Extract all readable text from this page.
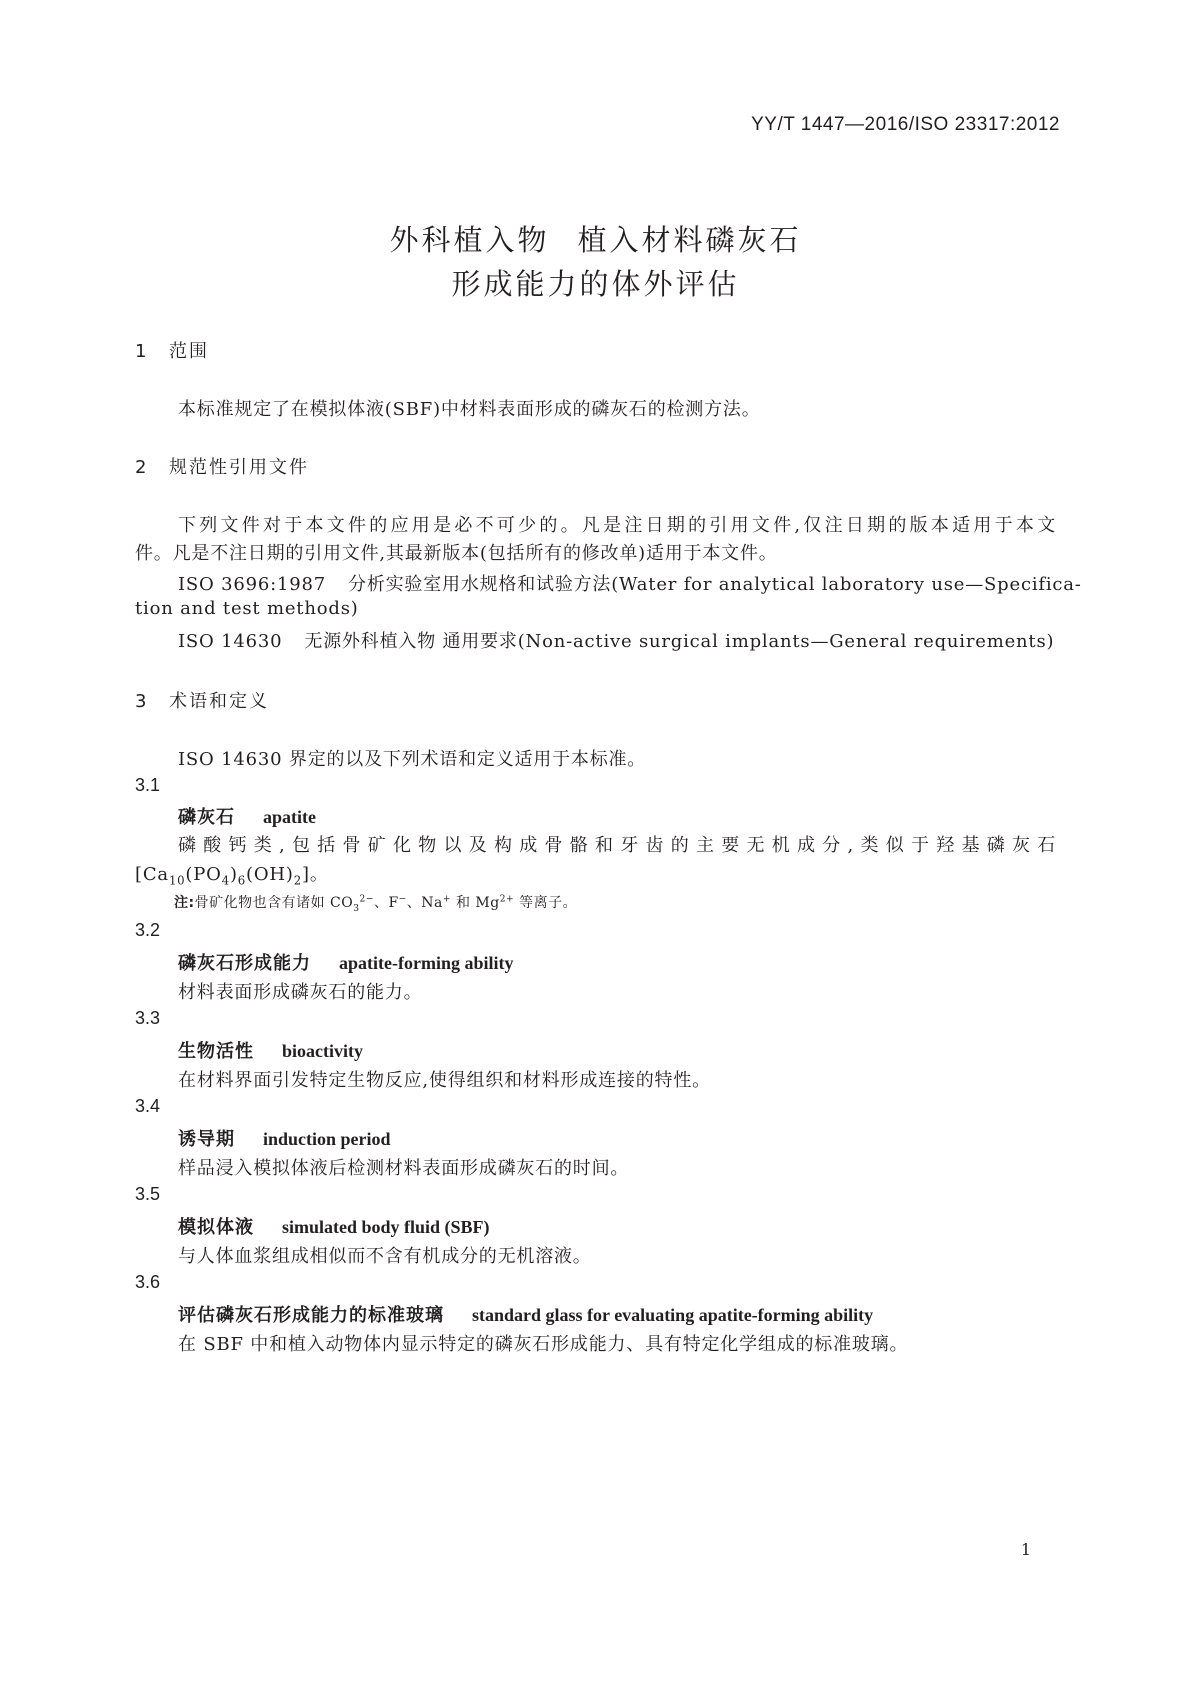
YY/T 1447—2016/ISO 23317:2012
外科植入物 植入材料磷灰石
形成能力的体外评估
1 范围
本标准规定了在模拟体液(SBF)中材料表面形成的磷灰石的检测方法。
2 规范性引用文件
下列文件对于本文件的应用是必不可少的。凡是注日期的引用文件,仅注日期的版本适用于本文
件。凡是不注日期的引用文件,其最新版本(包括所有的修改单)适用于本文件。
ISO 3696:1987 分析实验室用水规格和试验方法(Water for analytical laboratory use—Specifica-
tion and test methods)
ISO 14630 无源外科植入物 通用要求(Non-active surgical implants—General requirements)
3 术语和定义
ISO 14630 界定的以及下列术语和定义适用于本标准。
3.1
磷灰石 apatite
磷酸钙类,包括骨矿化物以及构成骨骼和牙齿的主要无机成分,类似于羟基磷灰石
$[Ca_{10}(PO_4)_6(OH)_2]$。
注:骨矿化物也含有诸如 $CO_3^{2-}$、F−、Na+ 和 $Mg^{2+}$ 等离子。
3.2
磷灰石形成能力 apatite-forming ability
材料表面形成磷灰石的能力。
3.3
生物活性 bioactivity
在材料界面引发特定生物反应,使得组织和材料形成连接的特性。
3.4
诱导期 induction period
样品浸入模拟体液后检测材料表面形成磷灰石的时间。
3.5
模拟体液 simulated body fluid (SBF)
与人体血浆组成相似而不含有机成分的无机溶液。
3.6
评估磷灰石形成能力的标准玻璃 standard glass for evaluating apatite-forming ability
在 SBF 中和植入动物体内显示特定的磷灰石形成能力、具有特定化学组成的标准玻璃。
1
